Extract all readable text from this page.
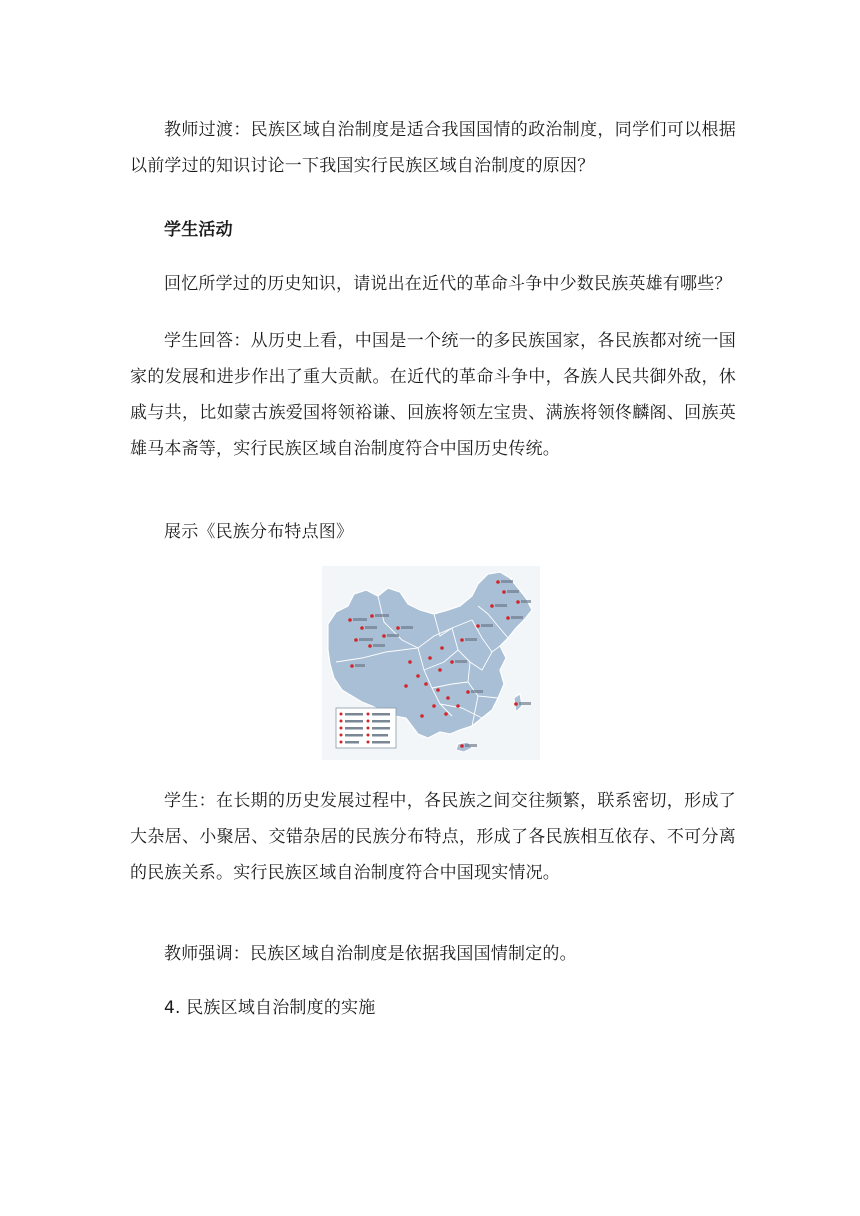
教师过渡：民族区域自治制度是适合我国国情的政治制度，同学们可以根据以前学过的知识讨论一下我国实行民族区域自治制度的原因？

学生活动

回忆所学过的历史知识，请说出在近代的革命斗争中少数民族英雄有哪些？

学生回答：从历史上看，中国是一个统一的多民族国家，各民族都对统一国家的发展和进步作出了重大贡献。在近代的革命斗争中，各族人民共御外敌，休戚与共，比如蒙古族爱国将领裕谦、回族将领左宝贵、满族将领佟麟阁、回族英雄马本斋等，实行民族区域自治制度符合中国历史传统。

展示《民族分布特点图》

学生：在长期的历史发展过程中，各民族之间交往频繁，联系密切，形成了大杂居、小聚居、交错杂居的民族分布特点，形成了各民族相互依存、不可分离的民族关系。实行民族区域自治制度符合中国现实情况。

教师强调：民族区域自治制度是依据我国国情制定的。

4. 民族区域自治制度的实施
